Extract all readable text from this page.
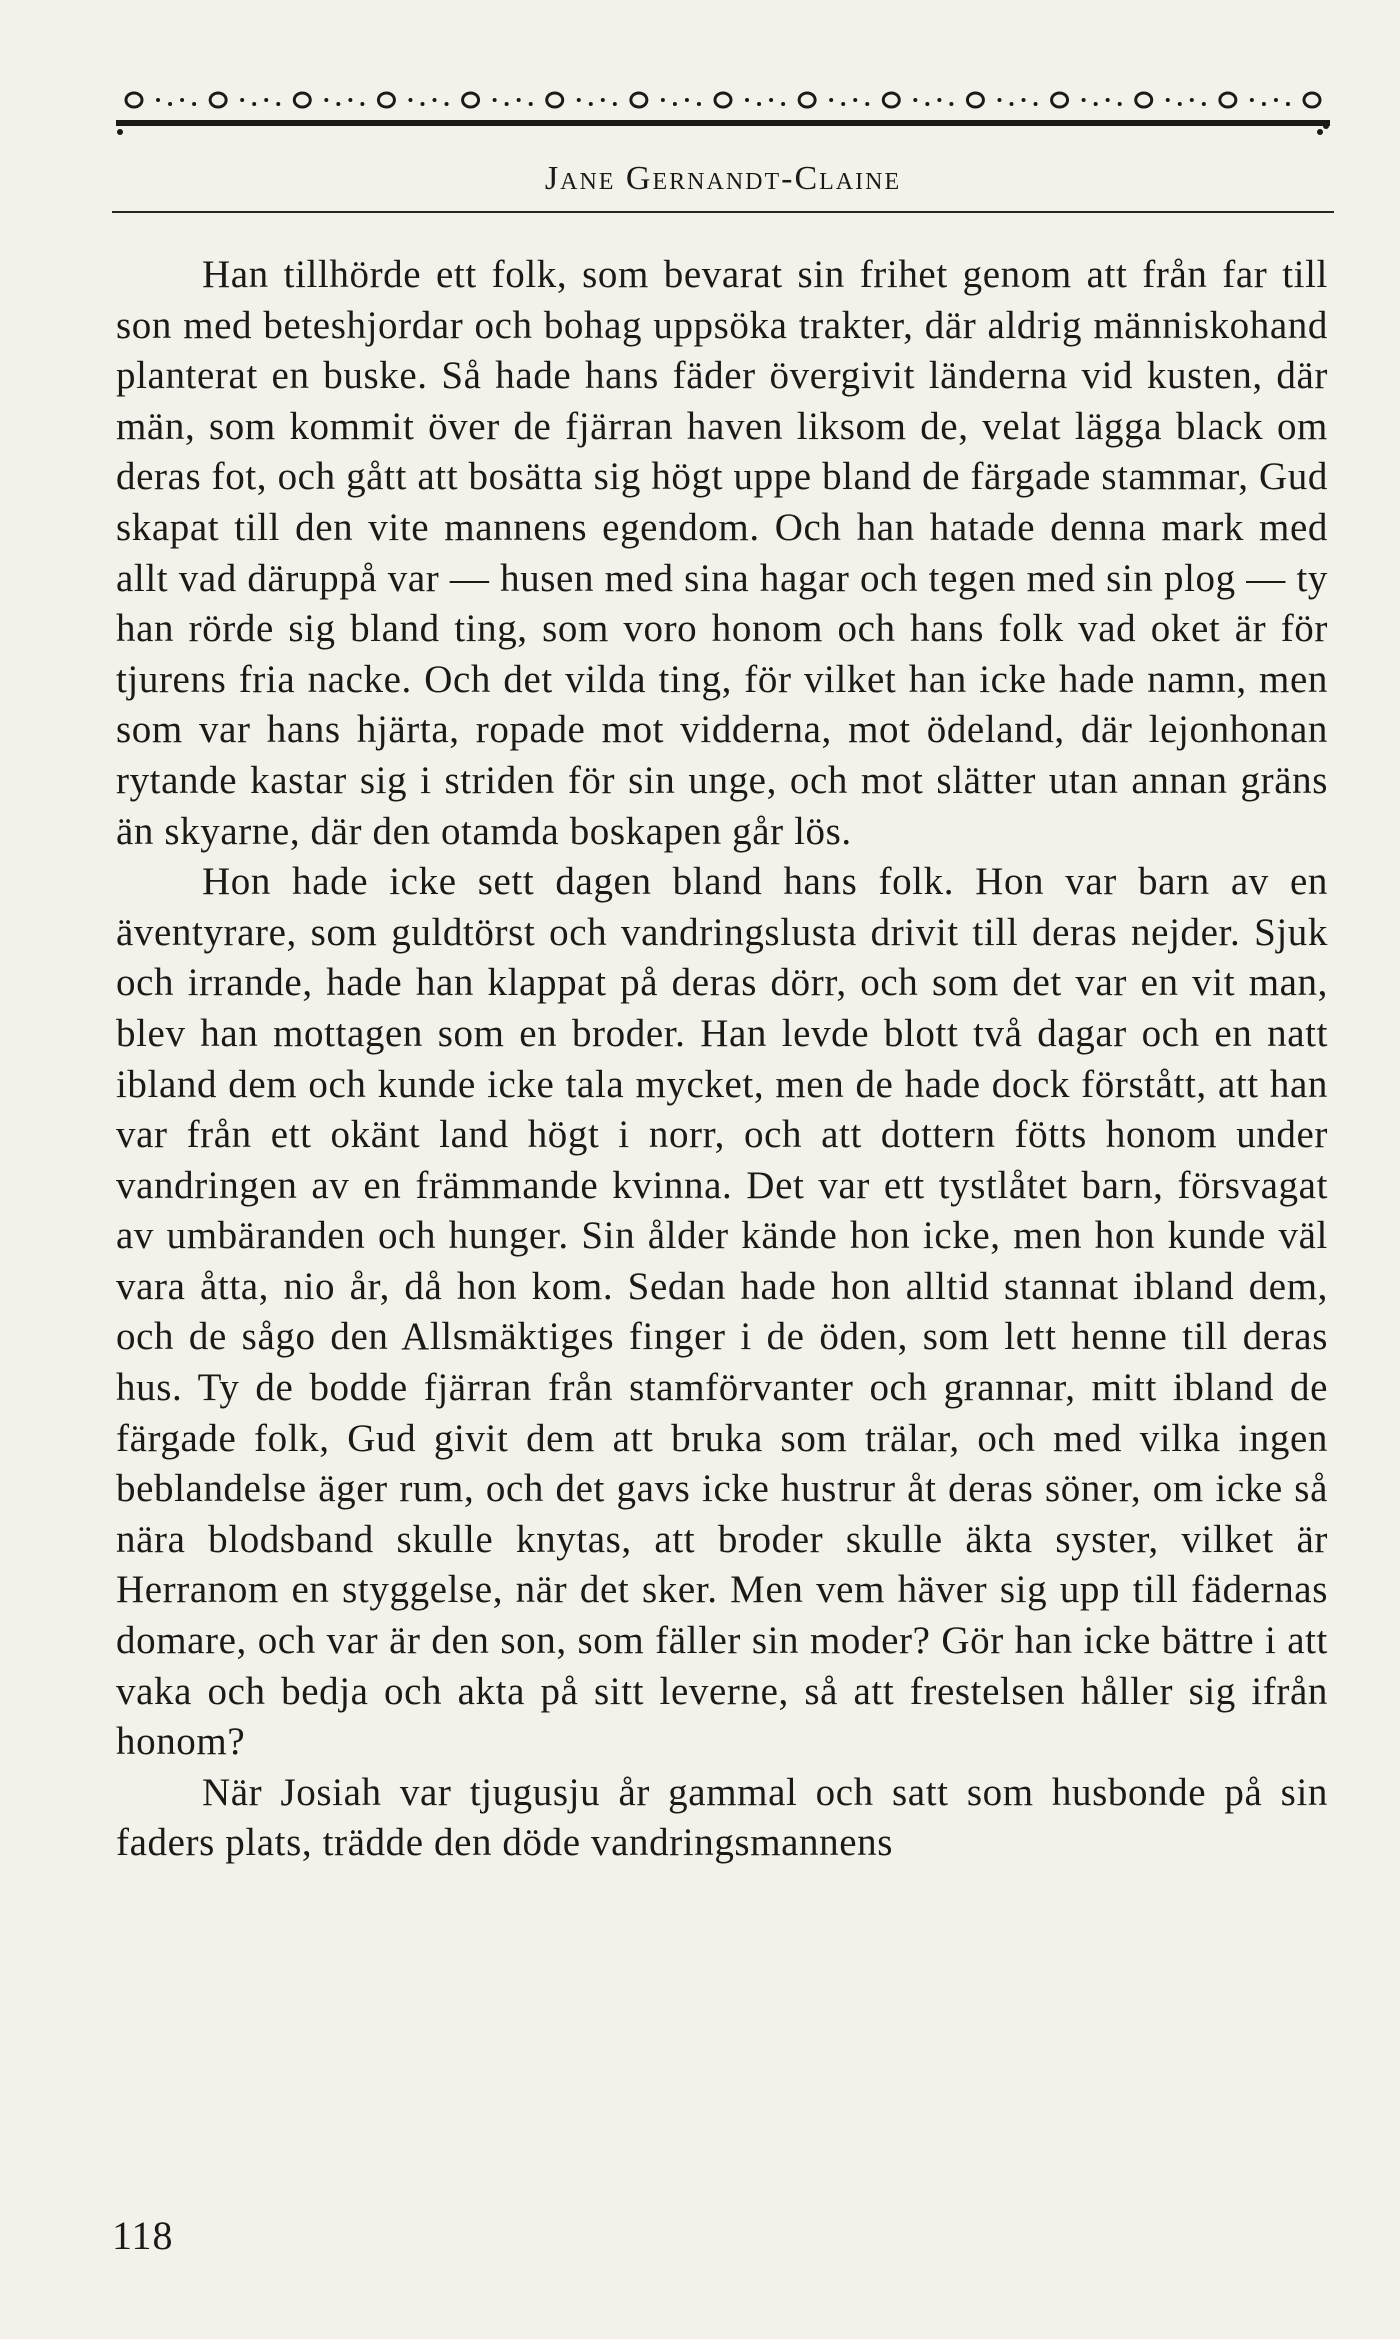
Jane Gernandt-Claine

Han tillhörde ett folk, som bevarat sin frihet genom att från far till son med beteshjordar och bohag uppsöka trakter, där aldrig människohand planterat en buske. Så hade hans fäder övergivit länderna vid kusten, där män, som kommit över de fjärran haven liksom de, velat lägga black om deras fot, och gått att bosätta sig högt uppe bland de färgade stammar, Gud skapat till den vite mannens egendom. Och han hatade denna mark med allt vad däruppå var — husen med sina hagar och tegen med sin plog — ty han rörde sig bland ting, som voro honom och hans folk vad oket är för tjurens fria nacke. Och det vilda ting, för vilket han icke hade namn, men som var hans hjärta, ropade mot vidderna, mot ödeland, där lejonhonan rytande kastar sig i striden för sin unge, och mot slätter utan annan gräns än skyarne, där den otamda boskapen går lös.

Hon hade icke sett dagen bland hans folk. Hon var barn av en äventyrare, som guldtörst och vandringslusta drivit till deras nejder. Sjuk och irrande, hade han klappat på deras dörr, och som det var en vit man, blev han mottagen som en broder. Han levde blott två dagar och en natt ibland dem och kunde icke tala mycket, men de hade dock förstått, att han var från ett okänt land högt i norr, och att dottern fötts honom under vandringen av en främmande kvinna. Det var ett tystlåtet barn, försvagat av umbäranden och hunger. Sin ålder kände hon icke, men hon kunde väl vara åtta, nio år, då hon kom. Sedan hade hon alltid stannat ibland dem, och de sågo den Allsmäktiges finger i de öden, som lett henne till deras hus. Ty de bodde fjärran från stamförvanter och grannar, mitt ibland de färgade folk, Gud givit dem att bruka som trälar, och med vilka ingen beblandelse äger rum, och det gavs icke hustrur åt deras söner, om icke så nära blodsband skulle knytas, att broder skulle äkta syster, vilket är Herranom en styggelse, när det sker. Men vem häver sig upp till fädernas domare, och var är den son, som fäller sin moder? Gör han icke bättre i att vaka och bedja och akta på sitt leverne, så att frestelsen håller sig ifrån honom?

När Josiah var tjugusju år gammal och satt som husbonde på sin faders plats, trädde den döde vandringsmannens

118
